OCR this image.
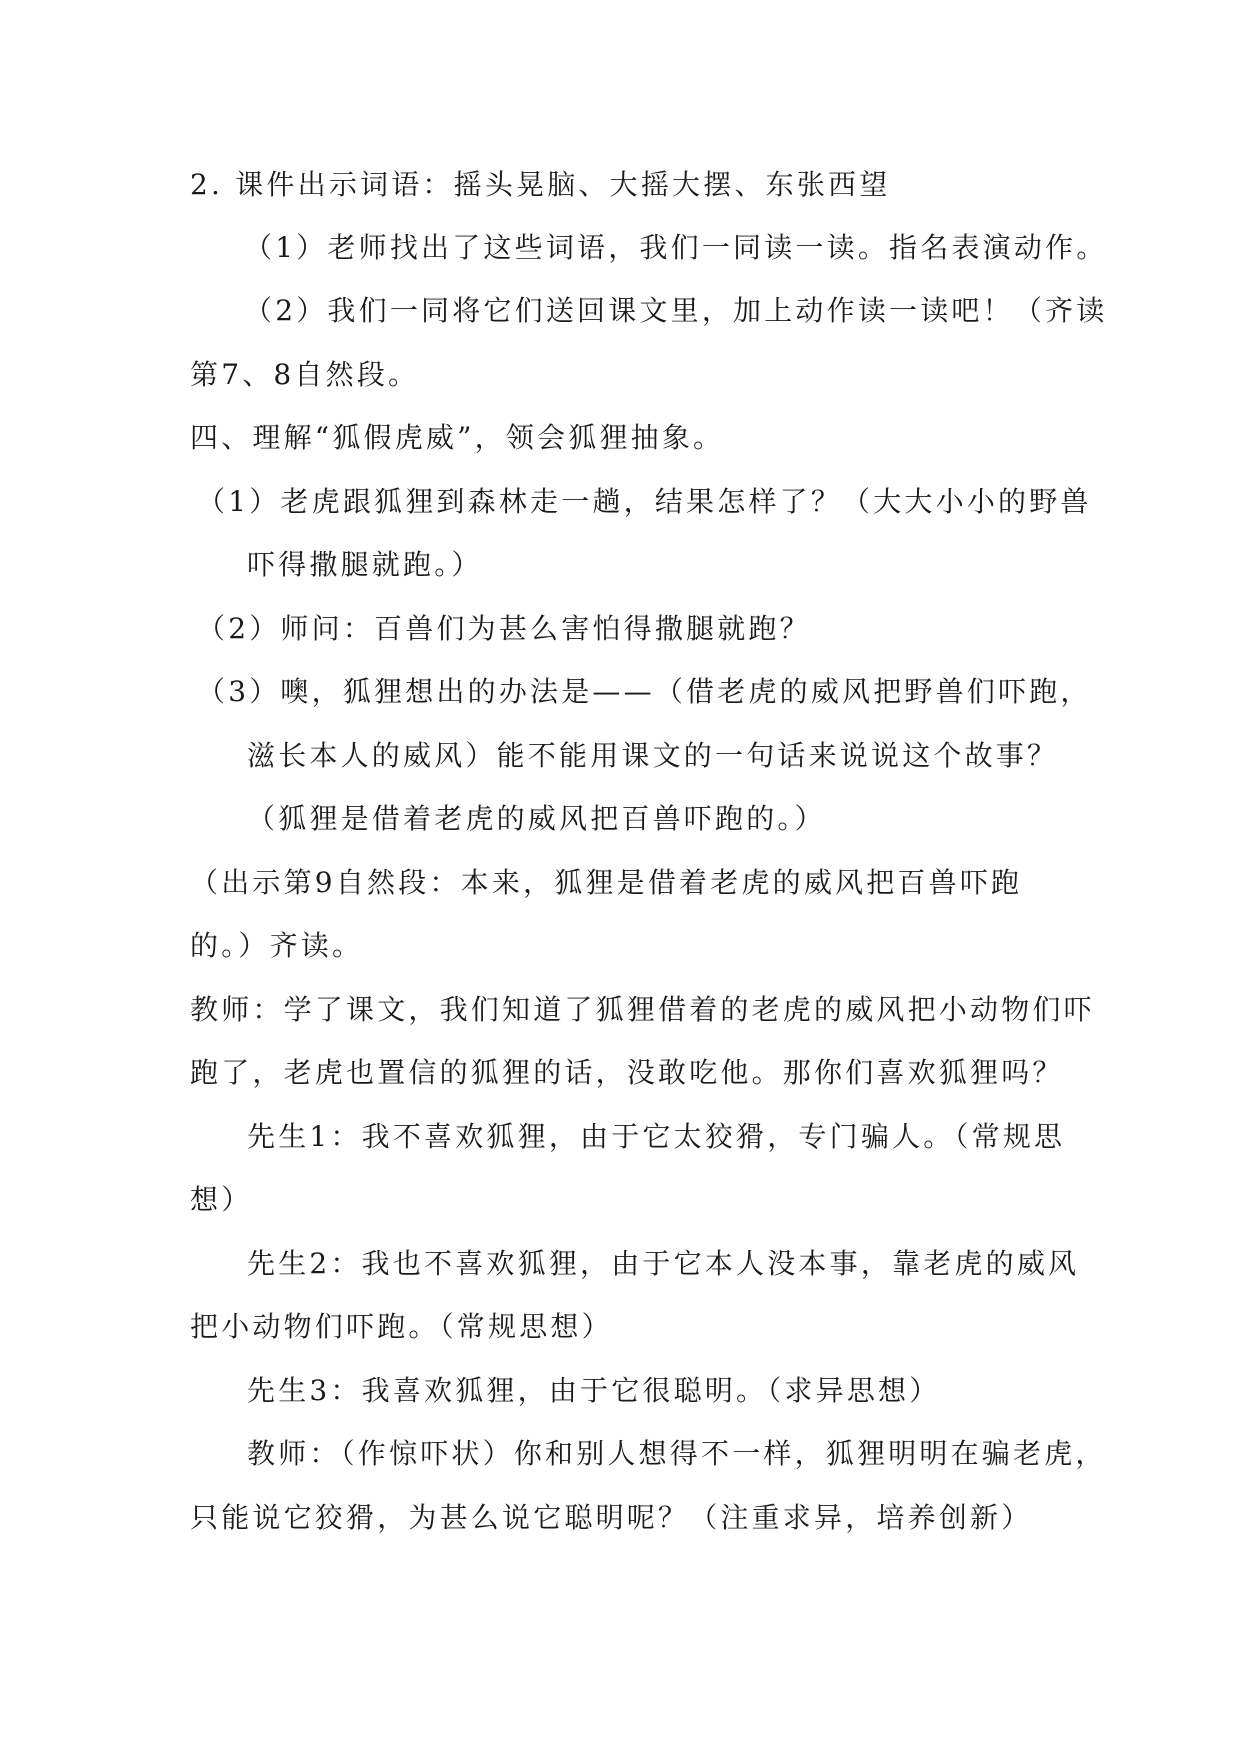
2. 课件出示词语：摇头晃脑、大摇大摆、东张西望
（1）老师找出了这些词语，我们一同读一读。指名表演动作。
（2）我们一同将它们送回课文里，加上动作读一读吧！（齐读
第7、8自然段。
四、理解“狐假虎威”，领会狐狸抽象。
（1）老虎跟狐狸到森林走一趟，结果怎样了？（大大小小的野兽
吓得撒腿就跑。）
（2）师问：百兽们为甚么害怕得撒腿就跑？
（3）噢，狐狸想出的办法是——（借老虎的威风把野兽们吓跑，
滋长本人的威风）能不能用课文的一句话来说说这个故事？
（狐狸是借着老虎的威风把百兽吓跑的。）
（出示第9自然段：本来，狐狸是借着老虎的威风把百兽吓跑
的。）齐读。
教师：学了课文，我们知道了狐狸借着的老虎的威风把小动物们吓
跑了，老虎也置信的狐狸的话，没敢吃他。那你们喜欢狐狸吗？
先生1：我不喜欢狐狸，由于它太狡猾，专门骗人。（常规思
想）
先生2：我也不喜欢狐狸，由于它本人没本事，靠老虎的威风
把小动物们吓跑。（常规思想）
先生3：我喜欢狐狸，由于它很聪明。（求异思想）
教师：（作惊吓状）你和别人想得不一样，狐狸明明在骗老虎，
只能说它狡猾，为甚么说它聪明呢？（注重求异，培养创新）
